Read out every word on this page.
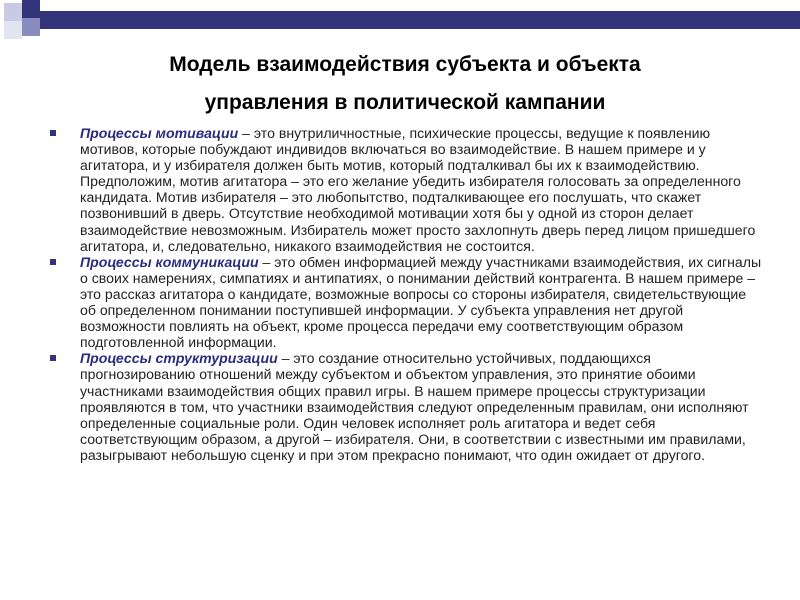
Модель взаимодействия субъекта и объекта
управления в политической кампании
Процессы мотивации – это внутриличностные, психические процессы, ведущие к появлению мотивов, которые побуждают индивидов включаться во взаимодействие. В нашем примере и у агитатора, и у избирателя должен быть мотив, который подталкивал бы их к взаимодействию. Предположим, мотив агитатора – это его желание убедить избирателя голосовать за определенного кандидата. Мотив избирателя – это любопытство, подталкивающее его послушать, что скажет позвонивший в дверь. Отсутствие необходимой мотивации хотя бы у одной из сторон делает взаимодействие невозможным. Избиратель может просто захлопнуть дверь перед лицом пришедшего агитатора, и, следовательно, никакого взаимодействия не состоится.
Процессы коммуникации – это обмен информацией между участниками взаимодействия, их сигналы о своих намерениях, симпатиях и антипатиях, о понимании действий контрагента. В нашем примере – это рассказ агитатора о кандидате, возможные вопросы со стороны избирателя, свидетельствующие об определенном понимании поступившей информации. У субъекта управления нет другой возможности повлиять на объект, кроме процесса передачи ему соответствующим образом подготовленной информации.
Процессы структуризации – это создание относительно устойчивых, поддающихся прогнозированию отношений между субъектом и объектом управления, это принятие обоими участниками взаимодействия общих правил игры. В нашем примере процессы структуризации проявляются в том, что участники взаимодействия следуют определенным правилам, они исполняют определенные социальные роли. Один человек исполняет роль агитатора и ведет себя соответствующим образом, а другой – избирателя. Они, в соответствии с известными им правилами, разыгрывают небольшую сценку и при этом прекрасно понимают, что один ожидает от другого.
